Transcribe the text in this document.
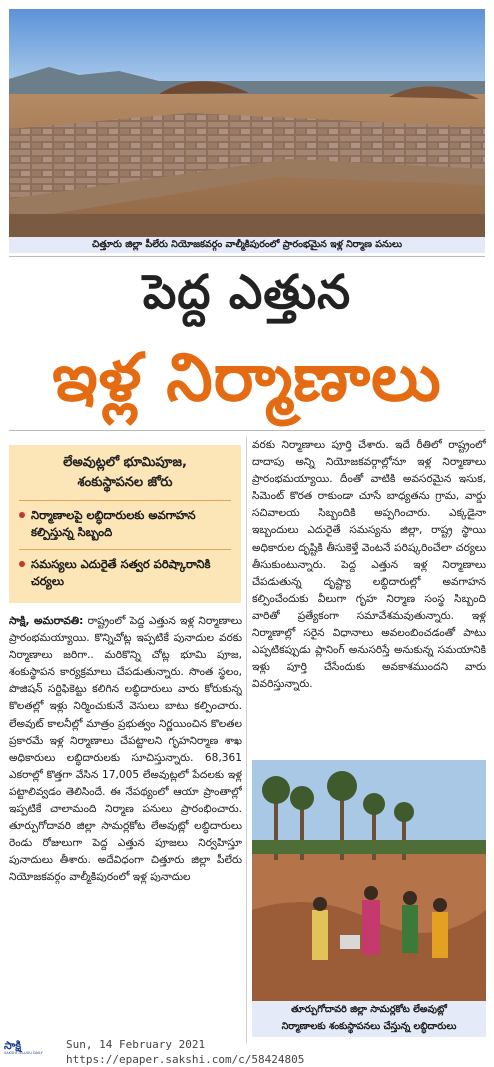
చిత్తూరు జిల్లా పీలేరు నియోజకవర్గం వాల్మీకిపురంలో ప్రారంభమైన ఇళ్ల నిర్మాణ పనులు
పెద్ద ఎత్తున
ఇళ్ల నిర్మాణాలు
లేఅవుట్లలో భూమిపూజ,
శంకుస్థాపనల జోరు
నిర్మాణాలపై లబ్ధిదారులకు అవగాహన కల్పిస్తున్న సిబ్బంది
సమస్యలు ఎదురైతే సత్వర పరిష్కారానికి చర్యలు
సాక్షి, అమరావతి: రాష్ట్రంలో పెద్ద ఎత్తున ఇళ్ల నిర్మాణాలు ప్రారంభమయ్యాయి. కొన్నిచోట్ల ఇప్పటికే పునాదుల వరకు నిర్మాణాలు జరిగా.. మరికొన్ని చోట్ల భూమి పూజ, శంకుస్థాపన కార్యక్రమాలు చేపడుతున్నారు. సొంత స్థలం, పొజిషన్ సర్టిఫికెట్టు కలిగిన లబ్ధిదారులు వారు కోరుకున్న కొలతల్లో ఇళ్లు నిర్మించుకునే వెసులు బాటు కల్పించారు. లేఅవుట్ కాలనీల్లో మాత్రం ప్రభుత్వం నిర్ణయించిన కొలతల ప్రకారమే ఇళ్ల నిర్మాణాలు చేపట్టాలని గృహనిర్మాణ శాఖ అధికారులు లబ్ధిదారులకు సూచిస్తున్నారు. 68,361 ఎకరాల్లో కొత్తగా వేసిన 17,005 లేఅవుట్లలో పేదలకు ఇళ్ల పట్టాలివ్వడం తెలిసిందే. ఈ నేపథ్యంలో ఆయా ప్రాంతాల్లో ఇప్పటికే చాలామంది నిర్మాణ పనులు ప్రారంభించారు. తూర్పుగోదావరి జిల్లా సామర్లకోట లేఅవుట్లో లబ్ధిదారులు రెండు రోజులుగా పెద్ద ఎత్తున పూజలు నిర్వహిస్తూ పునాదులు తీశారు. అదేవిధంగా చిత్తూరు జిల్లా పీలేరు నియోజకవర్గం వాల్మీకిపురంలో ఇళ్ల పునాదుల
వరకు నిర్మాణాలు పూర్తి చేశారు. ఇదే రీతిలో రాష్ట్రంలో దాదాపు అన్ని నియోజకవర్గాల్లోనూ ఇళ్ల నిర్మాణాలు ప్రారంభమయ్యాయి. దీంతో వాటికి అవసరమైన ఇసుక, సిమెంట్ కొరత రాకుండా చూసే బాధ్యతను గ్రామ, వార్డు సచివాలయ సిబ్బందికి అప్పగించారు. ఎక్కడైనా ఇబ్బందులు ఎదురైతే సమస్యను జిల్లా, రాష్ట్ర స్థాయి అధికారుల దృష్టికి తీసుకెళ్తే వెంటనే పరిష్కరించేలా చర్యలు తీసుకుంటున్నారు. పెద్ద ఎత్తున ఇళ్ల నిర్మాణాలు చేపడుతున్న దృష్ట్యా లబ్ధిదారుల్లో అవగాహన కల్పించేందుకు వీలుగా గృహ నిర్మాణ సంస్థ సిబ్బంది వారితో ప్రత్యేకంగా సమావేశమవుతున్నారు. ఇళ్ల నిర్మాణాల్లో సరైన విధానాలు అవలంబించడంతో పాటు ఎప్పటికప్పుడు ప్లానింగ్ అనుసరిస్తే అనుకున్న సమయానికి ఇళ్లు పూర్తి చేసేందుకు అవకాశముందని వారు వివరిస్తున్నారు.
తూర్పుగోదావరి జిల్లా సామర్లకోట లేఅవుట్లో
నిర్మాణాలకు శంకుస్థాపనలు చేస్తున్న లబ్ధిదారులు
సాక్షి
SAKSHI TELUGU DAILY
Sun, 14 February 2021
https://epaper.sakshi.com/c/58424805
